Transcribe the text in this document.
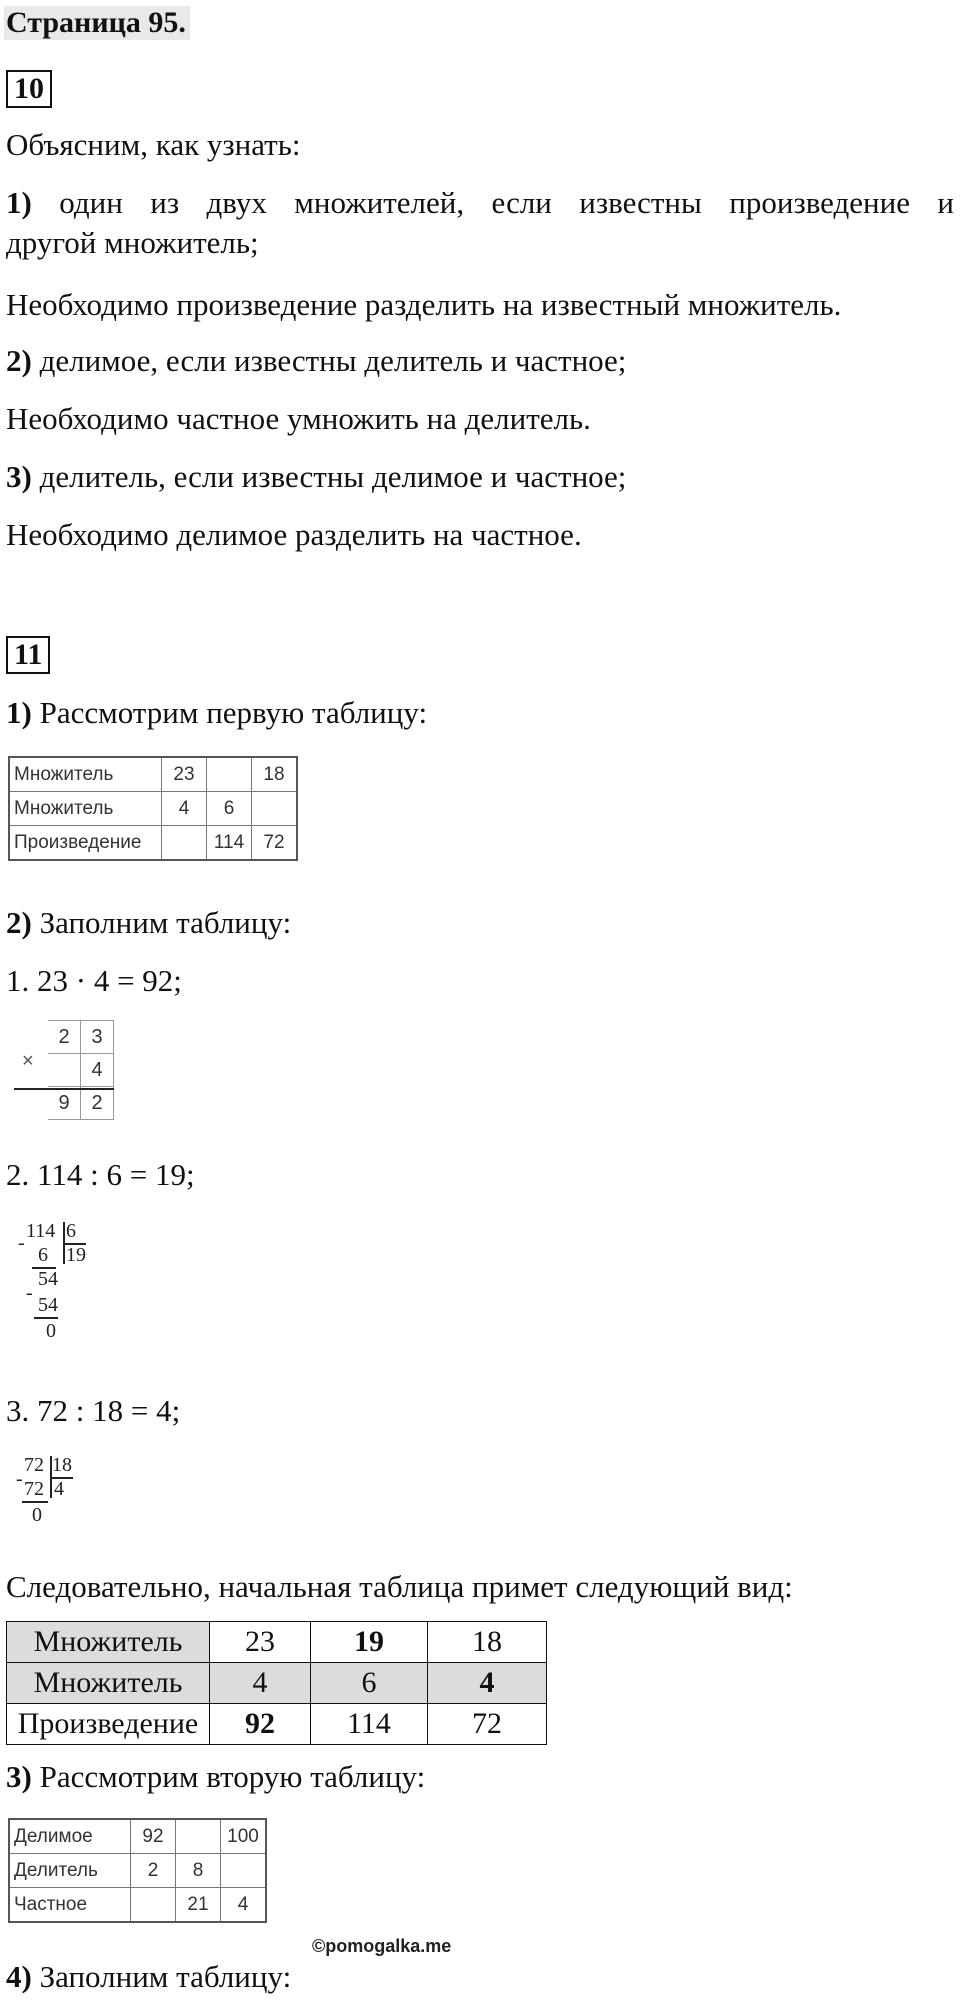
Страница 95.
10
Объясним, как узнать:
1) один из двух множителей, если известны произведение и
другой множитель;
Необходимо произведение разделить на известный множитель.
2) делимое, если известны делитель и частное;
Необходимо частное умножить на делитель.
3) делитель, если известны делимое и частное;
Необходимо делимое разделить на частное.
11
1) Рассмотрим первую таблицу:
Множитель	23		18
Множитель	4	6	
Произведение		114	72
2) Заполним таблицу:
1. 23 · 4 = 92;
	2	3
		4
	9	2
×
2. 114 : 6 = 19;
114 6
19
-
6
54
-
54
0
3. 72 : 18 = 4;
72 18
4
- 72
0
Следовательно, начальная таблица примет следующий вид:
Множитель	23	19	18
Множитель	4	6	4
Произведение	92	114	72
3) Рассмотрим вторую таблицу:
Делимое	92		100
Делитель	2	8	
Частное		21	4
©pomogalka.me
4) Заполним таблицу:
